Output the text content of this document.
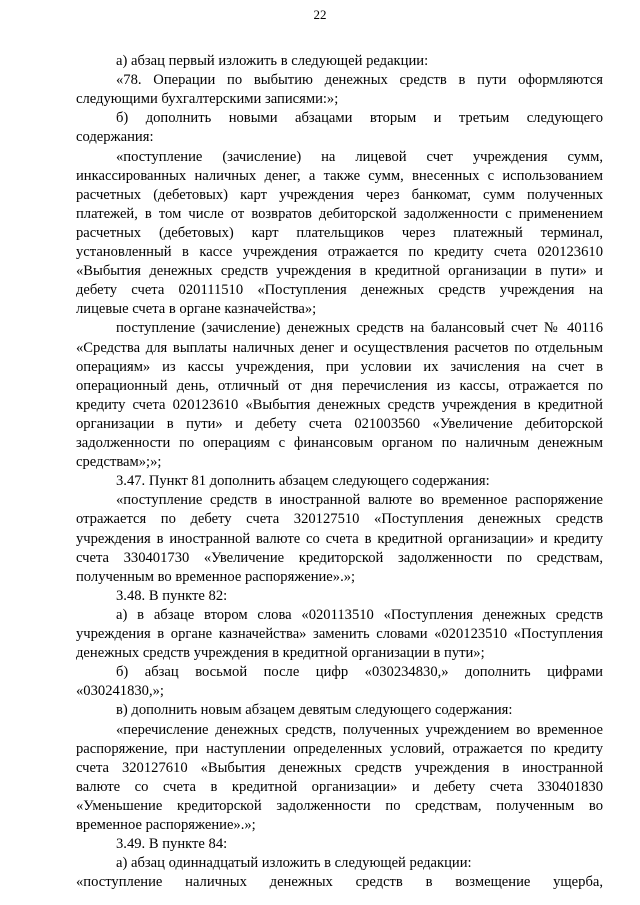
22
а) абзац первый изложить в следующей редакции:
«78. Операции по выбытию денежных средств в пути оформляются
следующими бухгалтерскими записями:»;
б) дополнить новыми абзацами вторым и третьим следующего
содержания:
«поступление (зачисление) на лицевой счет учреждения сумм,
инкассированных наличных денег, а также сумм, внесенных с использованием
расчетных (дебетовых) карт учреждения через банкомат, сумм полученных
платежей, в том числе от возвратов дебиторской задолженности с применением
расчетных (дебетовых) карт плательщиков через платежный терминал,
установленный в кассе учреждения отражается по кредиту счета 020123610
«Выбытия денежных средств учреждения в кредитной организации в пути» и
дебету счета 020111510 «Поступления денежных средств учреждения на
лицевые счета в органе казначейства»;
поступление (зачисление) денежных средств на балансовый счет № 40116
«Средства для выплаты наличных денег и осуществления расчетов по отдельным
операциям» из кассы учреждения, при условии их зачисления на счет в
операционный день, отличный от дня перечисления из кассы, отражается по
кредиту счета 020123610 «Выбытия денежных средств учреждения в кредитной
организации в пути» и дебету счета 021003560 «Увеличение дебиторской
задолженности по операциям с финансовым органом по наличным денежным
средствам»;»;
3.47. Пункт 81 дополнить абзацем следующего содержания:
«поступление средств в иностранной валюте во временное распоряжение
отражается по дебету счета 320127510 «Поступления денежных средств
учреждения в иностранной валюте со счета в кредитной организации» и кредиту
счета 330401730 «Увеличение кредиторской задолженности по средствам,
полученным во временное распоряжение».»;
3.48. В пункте 82:
а) в абзаце втором слова «020113510 «Поступления денежных средств
учреждения в органе казначейства» заменить словами «020123510 «Поступления
денежных средств учреждения в кредитной организации в пути»;
б) абзац восьмой после цифр «030234830,» дополнить цифрами
«030241830,»;
в) дополнить новым абзацем девятым следующего содержания:
«перечисление денежных средств, полученных учреждением во временное
распоряжение, при наступлении определенных условий, отражается по кредиту
счета 320127610 «Выбытия денежных средств учреждения в иностранной
валюте со счета в кредитной организации» и дебету счета 330401830
«Уменьшение кредиторской задолженности по средствам, полученным во
временное распоряжение».»;
3.49. В пункте 84:
а) абзац одиннадцатый изложить в следующей редакции:
«поступление наличных денежных средств в возмещение ущерба,
